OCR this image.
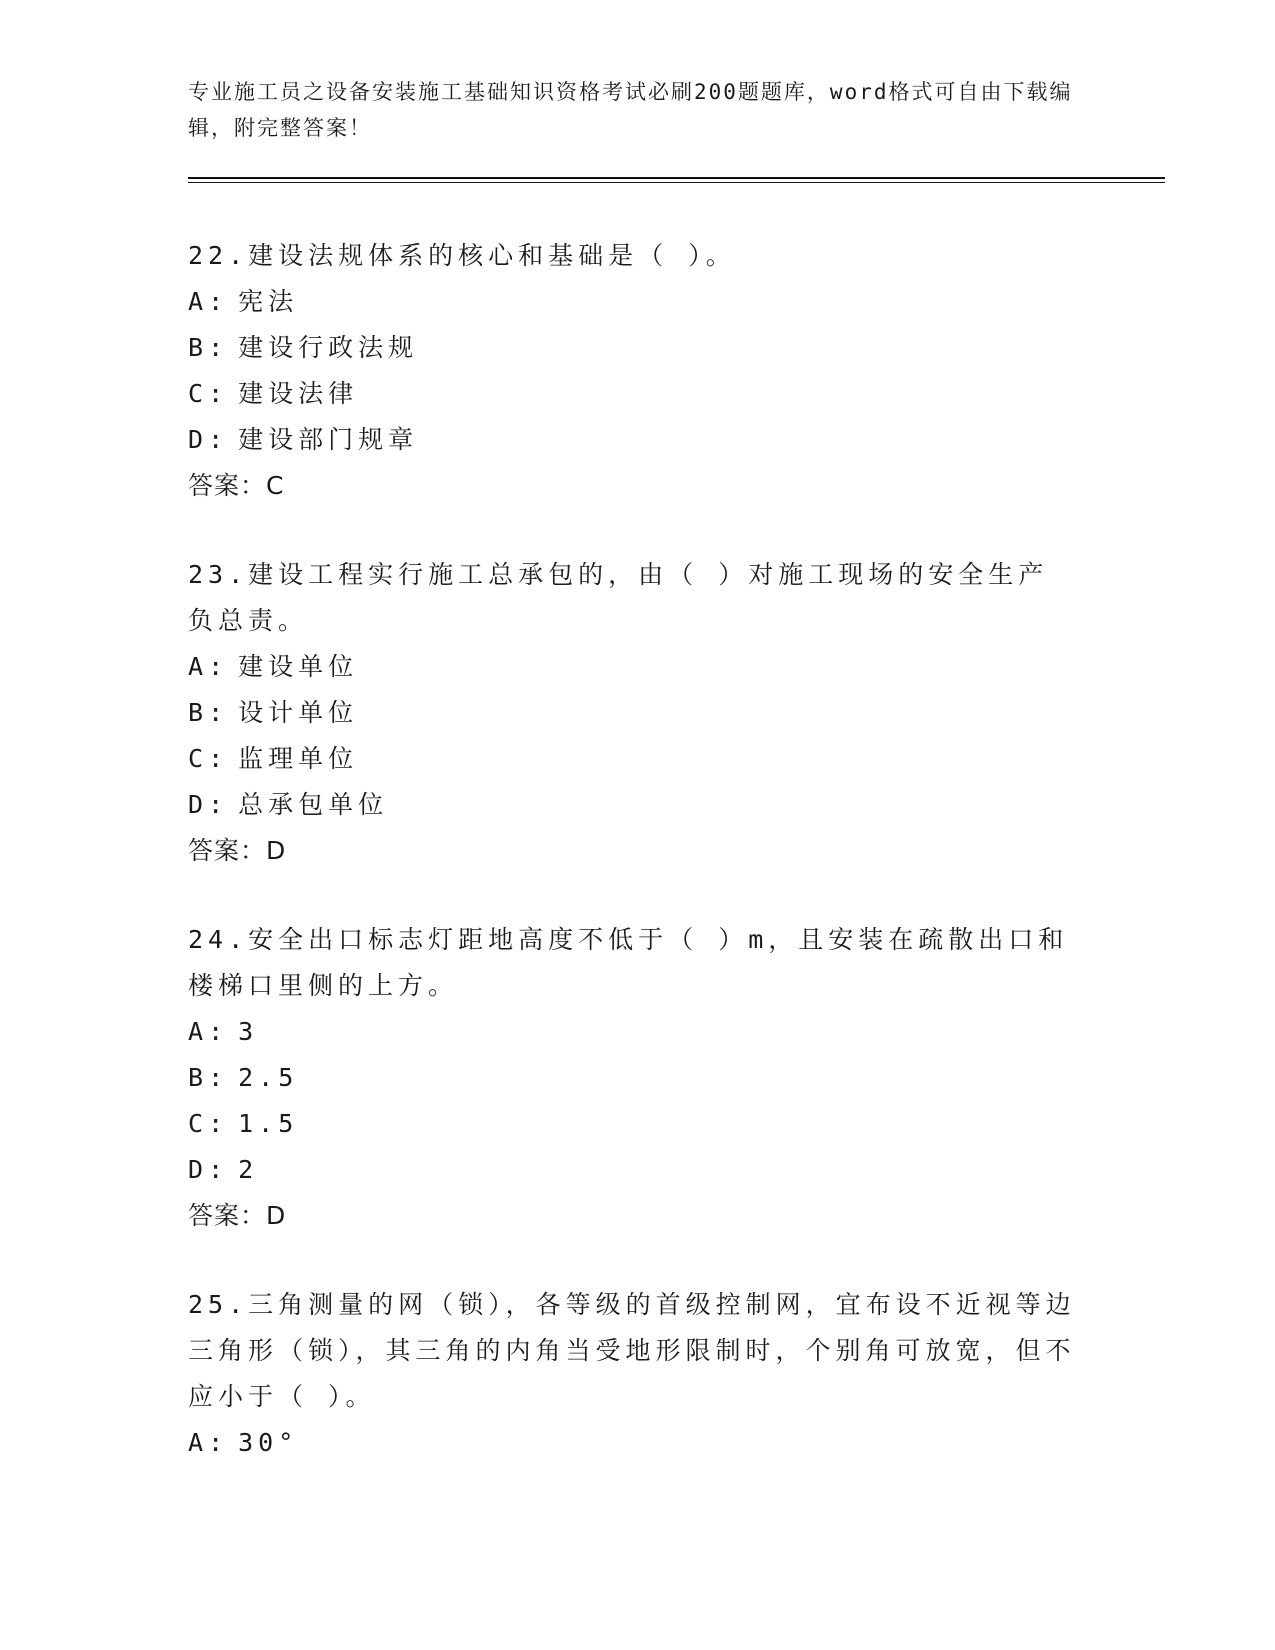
专业施工员之设备安装施工基础知识资格考试必刷200题题库，word格式可自由下载编辑，附完整答案！
22.建设法规体系的核心和基础是（ ）。
A: 宪法
B: 建设行政法规
C: 建设法律
D: 建设部门规章
答案：C
23.建设工程实行施工总承包的，由（ ）对施工现场的安全生产负总责。
A: 建设单位
B: 设计单位
C: 监理单位
D: 总承包单位
答案：D
24.安全出口标志灯距地高度不低于（ ）m，且安装在疏散出口和楼梯口里侧的上方。
A: 3
B: 2.5
C: 1.5
D: 2
答案：D
25.三角测量的网（锁），各等级的首级控制网，宜布设不近视等边三角形（锁），其三角的内角当受地形限制时，个别角可放宽，但不应小于（ ）。
A: 30°
